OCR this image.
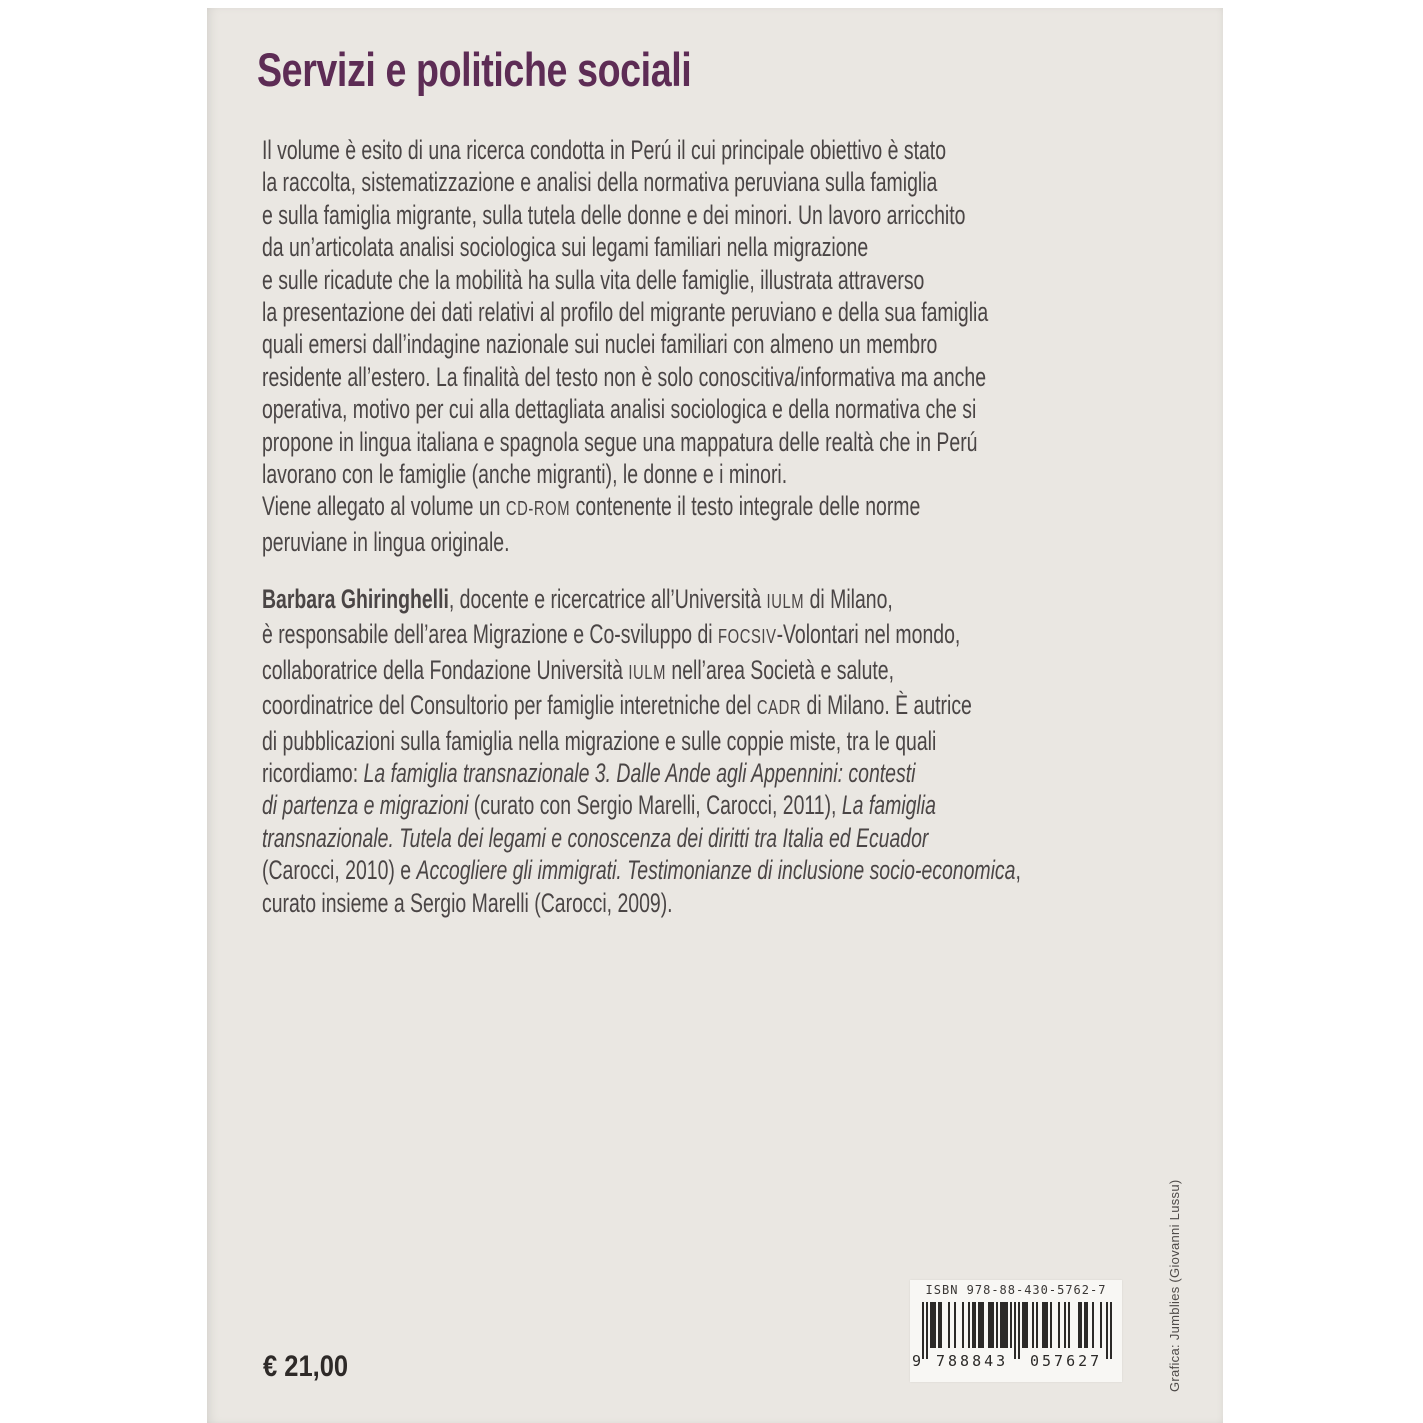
Servizi e politiche sociali
Il volume è esito di una ricerca condotta in Perú il cui principale obiettivo è stato
la raccolta, sistematizzazione e analisi della normativa peruviana sulla famiglia
e sulla famiglia migrante, sulla tutela delle donne e dei minori. Un lavoro arricchito
da un’articolata analisi sociologica sui legami familiari nella migrazione
e sulle ricadute che la mobilità ha sulla vita delle famiglie, illustrata attraverso
la presentazione dei dati relativi al profilo del migrante peruviano e della sua famiglia
quali emersi dall’indagine nazionale sui nuclei familiari con almeno un membro
residente all’estero. La finalità del testo non è solo conoscitiva/informativa ma anche
operativa, motivo per cui alla dettagliata analisi sociologica e della normativa che si
propone in lingua italiana e spagnola segue una mappatura delle realtà che in Perú
lavorano con le famiglie (anche migranti), le donne e i minori.
Viene allegato al volume un CD-ROM contenente il testo integrale delle norme
peruviane in lingua originale.
Barbara Ghiringhelli, docente e ricercatrice all’Università IULM di Milano,
è responsabile dell’area Migrazione e Co-sviluppo di FOCSIV-Volontari nel mondo,
collaboratrice della Fondazione Università IULM nell’area Società e salute,
coordinatrice del Consultorio per famiglie interetniche del CADR di Milano. È autrice
di pubblicazioni sulla famiglia nella migrazione e sulle coppie miste, tra le quali
ricordiamo: La famiglia transnazionale 3. Dalle Ande agli Appennini: contesti
di partenza e migrazioni (curato con Sergio Marelli, Carocci, 2011), La famiglia
transnazionale. Tutela dei legami e conoscenza dei diritti tra Italia ed Ecuador
(Carocci, 2010) e Accogliere gli immigrati. Testimonianze di inclusione socio-economica,
curato insieme a Sergio Marelli (Carocci, 2009).
€ 21,00
ISBN 978-88-430-5762-7
9 788843 057627	Grafica: Jumblies (Giovanni Lussu)
